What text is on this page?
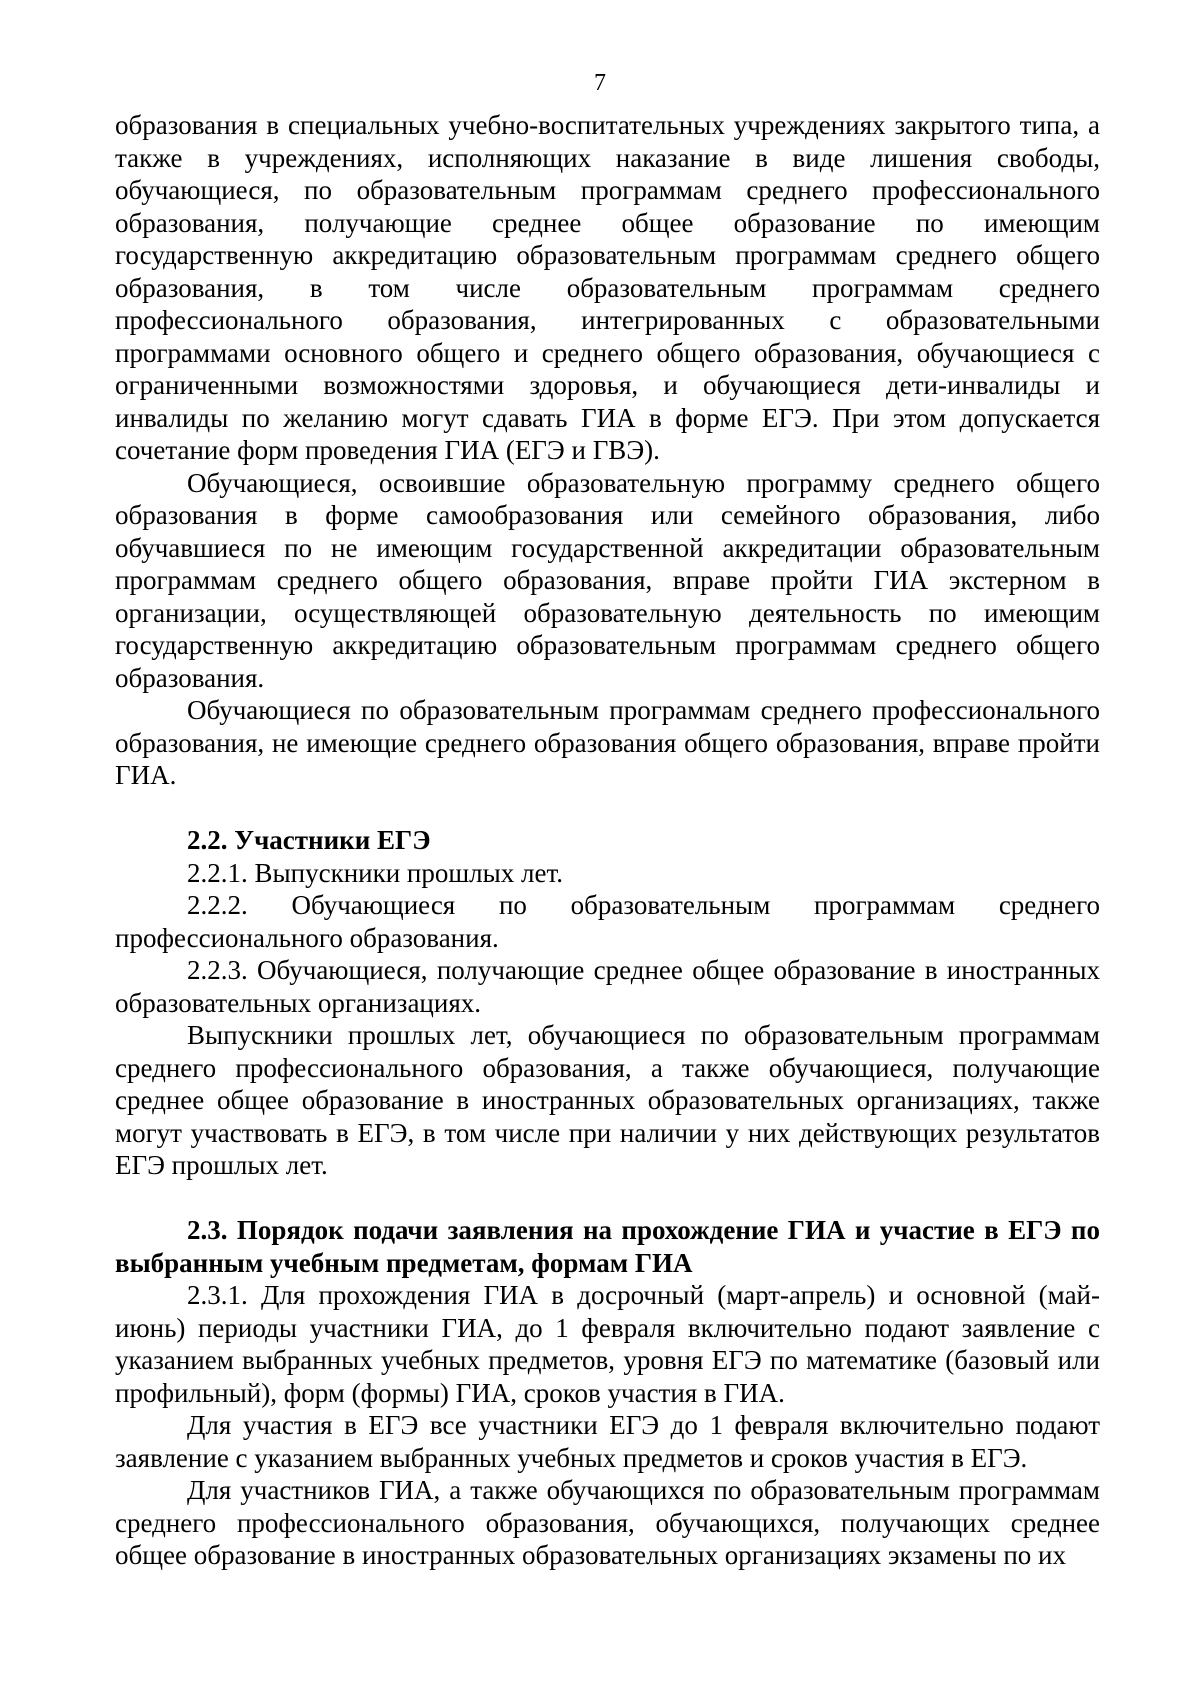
7

образования в специальных учебно-воспитательных учреждениях закрытого типа, а также в учреждениях, исполняющих наказание в виде лишения свободы, обучающиеся, по образовательным программам среднего профессионального образования, получающие среднее общее образование по имеющим государственную аккредитацию образовательным программам среднего общего образования, в том числе образовательным программам среднего профессионального образования, интегрированных с образовательными программами основного общего и среднего общего образования, обучающиеся с ограниченными возможностями здоровья, и обучающиеся дети-инвалиды и инвалиды по желанию могут сдавать ГИА в форме ЕГЭ. При этом допускается сочетание форм проведения ГИА (ЕГЭ и ГВЭ).

Обучающиеся, освоившие образовательную программу среднего общего образования в форме самообразования или семейного образования, либо обучавшиеся по не имеющим государственной аккредитации образовательным программам среднего общего образования, вправе пройти ГИА экстерном в организации, осуществляющей образовательную деятельность по имеющим государственную аккредитацию образовательным программам среднего общего образования.

Обучающиеся по образовательным программам среднего профессионального образования, не имеющие среднего образования общего образования, вправе пройти ГИА.

2.2. Участники ЕГЭ

2.2.1. Выпускники прошлых лет.

2.2.2. Обучающиеся по образовательным программам среднего профессионального образования.

2.2.3. Обучающиеся, получающие среднее общее образование в иностранных образовательных организациях.

Выпускники прошлых лет, обучающиеся по образовательным программам среднего профессионального образования, а также обучающиеся, получающие среднее общее образование в иностранных образовательных организациях, также могут участвовать в ЕГЭ, в том числе при наличии у них действующих результатов ЕГЭ прошлых лет.

2.3. Порядок подачи заявления на прохождение ГИА и участие в ЕГЭ по выбранным учебным предметам, формам ГИА

2.3.1. Для прохождения ГИА в досрочный (март-апрель) и основной (май-июнь) периоды участники ГИА, до 1 февраля включительно подают заявление с указанием выбранных учебных предметов, уровня ЕГЭ по математике (базовый или профильный), форм (формы) ГИА, сроков участия в ГИА.

Для участия в ЕГЭ все участники ЕГЭ до 1 февраля включительно подают заявление с указанием выбранных учебных предметов и сроков участия в ЕГЭ.

Для участников ГИА, а также обучающихся по образовательным программам среднего профессионального образования, обучающихся, получающих среднее общее образование в иностранных образовательных организациях экзамены по их
